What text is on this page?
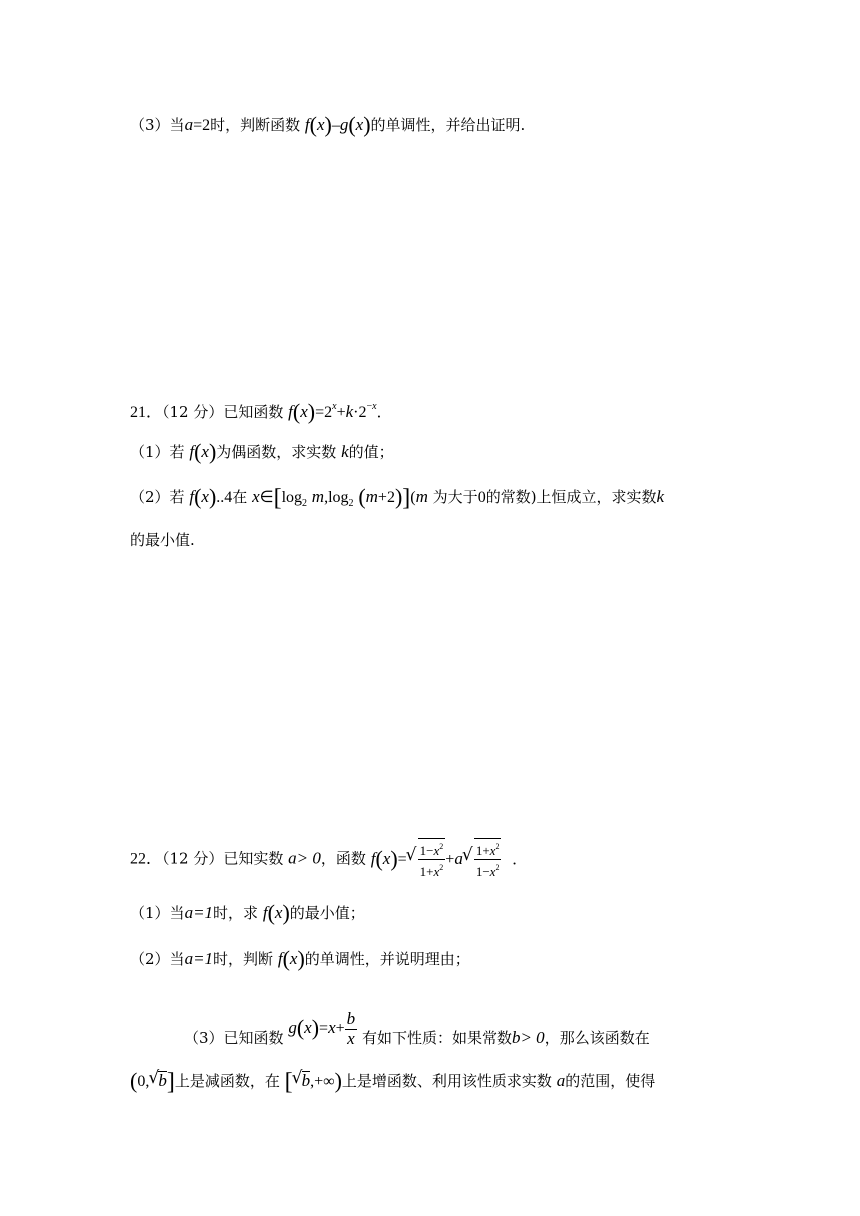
（3）当a=2时，判断函数 f(x)–g(x)的单调性，并给出证明.
21．（12 分）已知函数 $f(x)=2^x+k\cdot 2^{-x}$．
（1）若 f(x)为偶函数，求实数 k的值；
（2）若 f(x)..4在 $x\in[\log_2$ $m,\log_2$ (m+2)](m 为大于0的常数)上恒成立，求实数k
的最小值.
22．（12 分）已知实数 a> 0，函数 f(x)= √ $\frac{1-x^2}{1+x^2} +a$ √ $\frac{1+x^2}{1-x^2}$ ．
（1）当a=1时，求 f(x)的最小值；
（2）当a=1时，判断 f(x)的单调性，并说明理由；
（3）已知函数 $g(x)=x+ \frac{b}{x}$ 有如下性质：如果常数b> 0，那么该函数在
(0, √ b]上是减函数，在 [ √ b,+∞)上是增函数、利用该性质求实数 a的范围，使得
